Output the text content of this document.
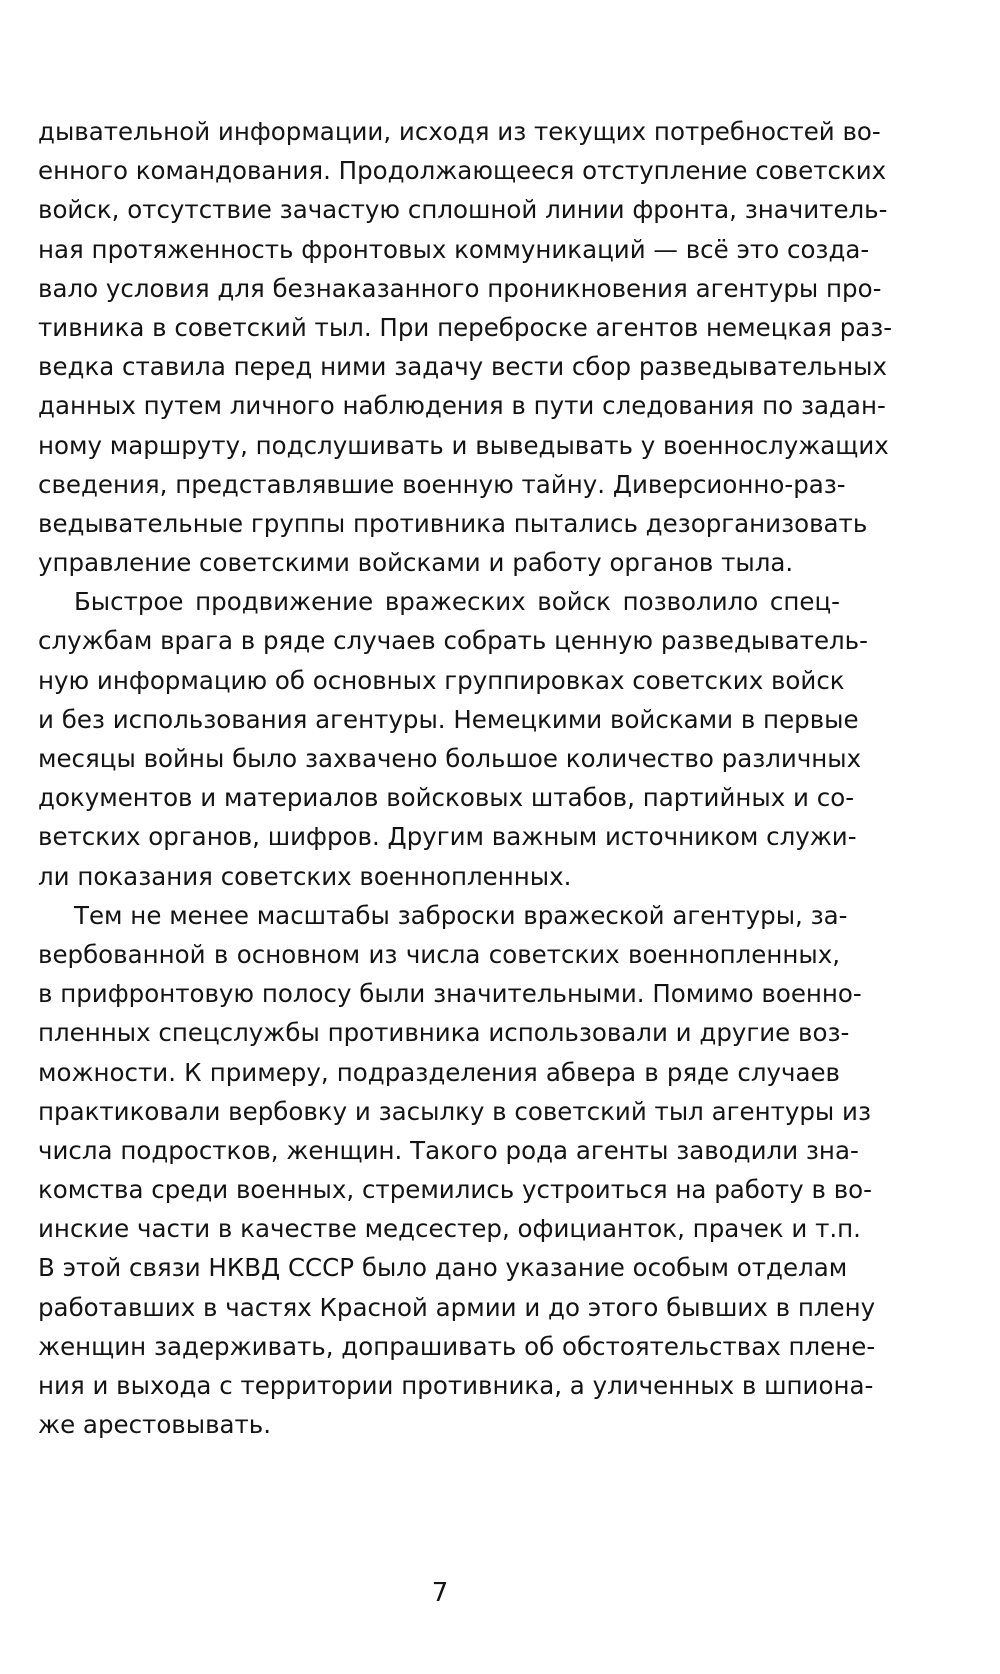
дывательной информации, исходя из текущих потребностей во-
енного командования. Продолжающееся отступление советских
войск, отсутствие зачастую сплошной линии фронта, значитель-
ная протяженность фронтовых коммуникаций — всё это созда-
вало условия для безнаказанного проникновения агентуры про-
тивника в советский тыл. При переброске агентов немецкая раз-
ведка ставила перед ними задачу вести сбор разведывательных
данных путем личного наблюдения в пути следования по задан-
ному маршруту, подслушивать и выведывать у военнослужащих
сведения, представлявшие военную тайну. Диверсионно-раз-
ведывательные группы противника пытались дезорганизовать
управление советскими войсками и работу органов тыла.
Быстрое продвижение вражеских войск позволило спец-
службам врага в ряде случаев собрать ценную разведыватель-
ную информацию об основных группировках советских войск
и без использования агентуры. Немецкими войсками в первые
месяцы войны было захвачено большое количество различных
документов и материалов войсковых штабов, партийных и со-
ветских органов, шифров. Другим важным источником служи-
ли показания советских военнопленных.
Тем не менее масштабы заброски вражеской агентуры, за-
вербованной в основном из числа советских военнопленных,
в прифронтовую полосу были значительными. Помимо военно-
пленных спецслужбы противника использовали и другие воз-
можности. К примеру, подразделения абвера в ряде случаев
практиковали вербовку и засылку в советский тыл агентуры из
числа подростков, женщин. Такого рода агенты заводили зна-
комства среди военных, стремились устроиться на работу в во-
инские части в качестве медсестер, официанток, прачек и т.п.
В этой связи НКВД СССР было дано указание особым отделам
работавших в частях Красной армии и до этого бывших в плену
женщин задерживать, допрашивать об обстоятельствах плене-
ния и выхода с территории противника, а уличенных в шпиона-
же арестовывать.
7
